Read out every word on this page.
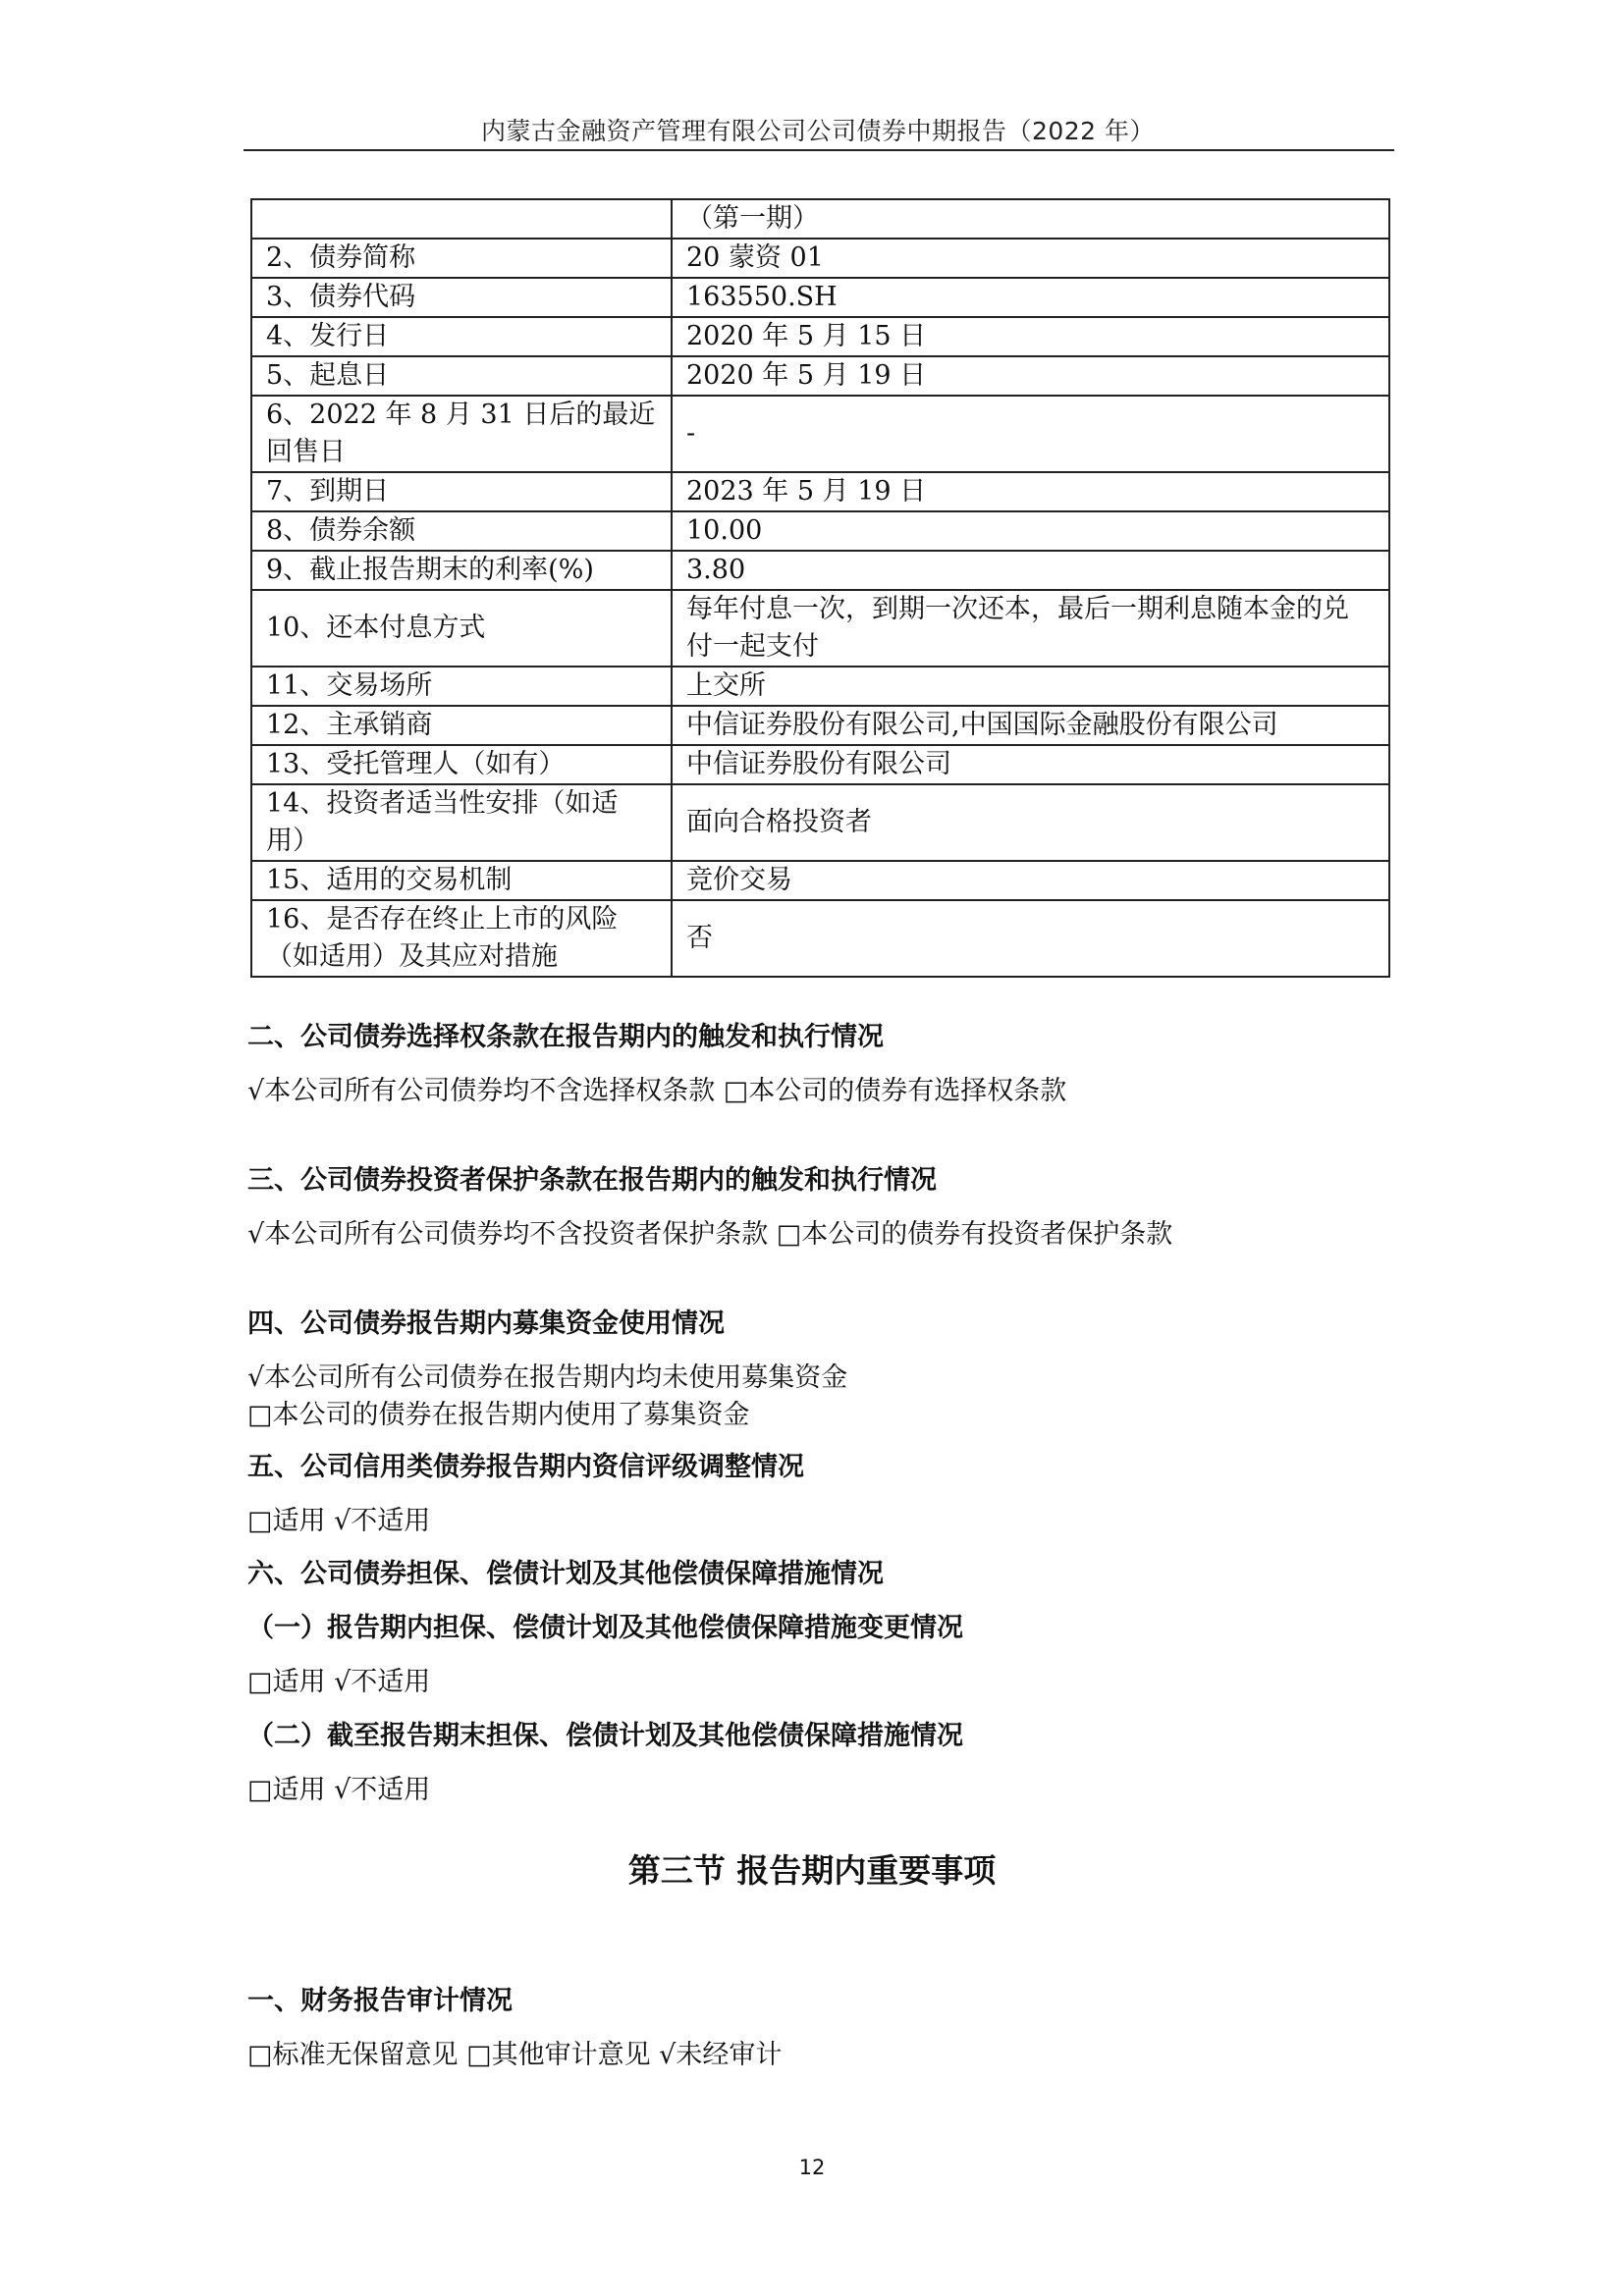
内蒙古金融资产管理有限公司公司债券中期报告（2022 年）
	（第一期）
2、债券简称	20 蒙资 01
3、债券代码	163550.SH
4、发行日	2020 年 5 月 15 日
5、起息日	2020 年 5 月 19 日
6、2022 年 8 月 31 日后的最近回售日	-
7、到期日	2023 年 5 月 19 日
8、债券余额	10.00
9、截止报告期末的利率(%)	3.80
10、还本付息方式	每年付息一次，到期一次还本，最后一期利息随本金的兑付一起支付
11、交易场所	上交所
12、主承销商	中信证券股份有限公司,中国国际金融股份有限公司
13、受托管理人（如有）	中信证券股份有限公司
14、投资者适当性安排（如适用）	面向合格投资者
15、适用的交易机制	竞价交易
16、是否存在终止上市的风险（如适用）及其应对措施	否
二、公司债券选择权条款在报告期内的触发和执行情况
√本公司所有公司债券均不含选择权条款 □本公司的债券有选择权条款
三、公司债券投资者保护条款在报告期内的触发和执行情况
√本公司所有公司债券均不含投资者保护条款 □本公司的债券有投资者保护条款
四、公司债券报告期内募集资金使用情况
√本公司所有公司债券在报告期内均未使用募集资金
□本公司的债券在报告期内使用了募集资金
五、公司信用类债券报告期内资信评级调整情况
□适用 √不适用
六、公司债券担保、偿债计划及其他偿债保障措施情况
（一）报告期内担保、偿债计划及其他偿债保障措施变更情况
□适用 √不适用
（二）截至报告期末担保、偿债计划及其他偿债保障措施情况
□适用 √不适用
第三节 报告期内重要事项
一、财务报告审计情况
□标准无保留意见 □其他审计意见 √未经审计
12
